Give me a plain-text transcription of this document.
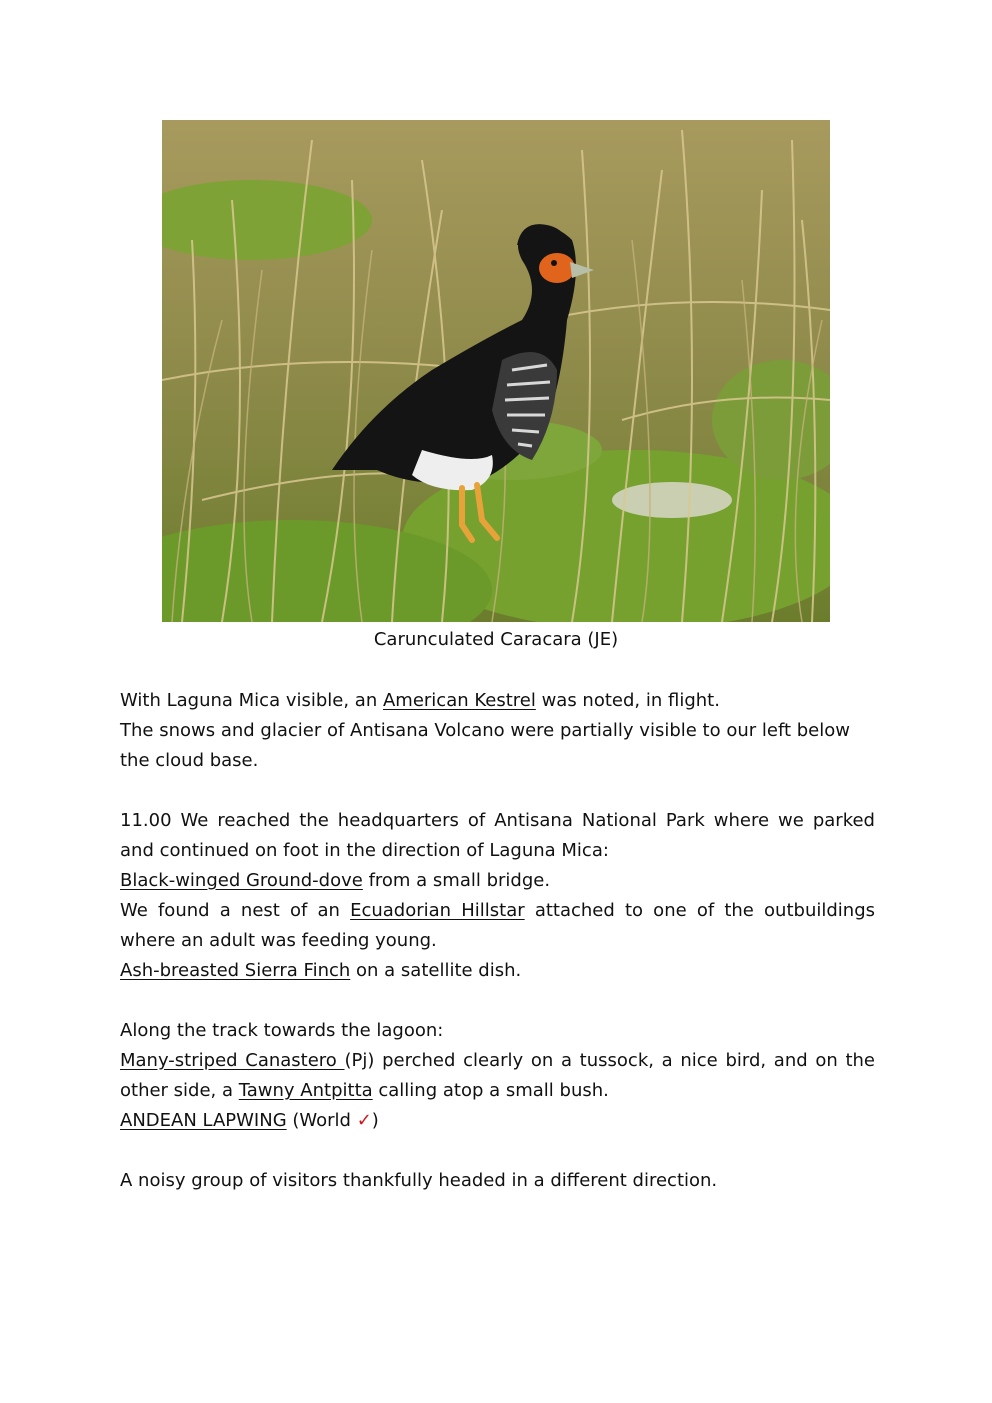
Carunculated Caracara (JE)

With Laguna Mica visible, an American Kestrel was noted, in flight.

The snows and glacier of Antisana Volcano were partially visible to our left below the cloud base.

11.00 We reached the headquarters of Antisana National Park where we parked and continued on foot in the direction of Laguna Mica:

Black-winged Ground-dove from a small bridge.

We found a nest of an Ecuadorian Hillstar attached to one of the outbuildings where an adult was feeding young.

Ash-breasted Sierra Finch on a satellite dish.

Along the track towards the lagoon:

Many-striped Canastero (Pj) perched clearly on a tussock, a nice bird, and on the other side, a Tawny Antpitta calling atop a small bush.

ANDEAN LAPWING (World ✓)

A noisy group of visitors thankfully headed in a different direction.
